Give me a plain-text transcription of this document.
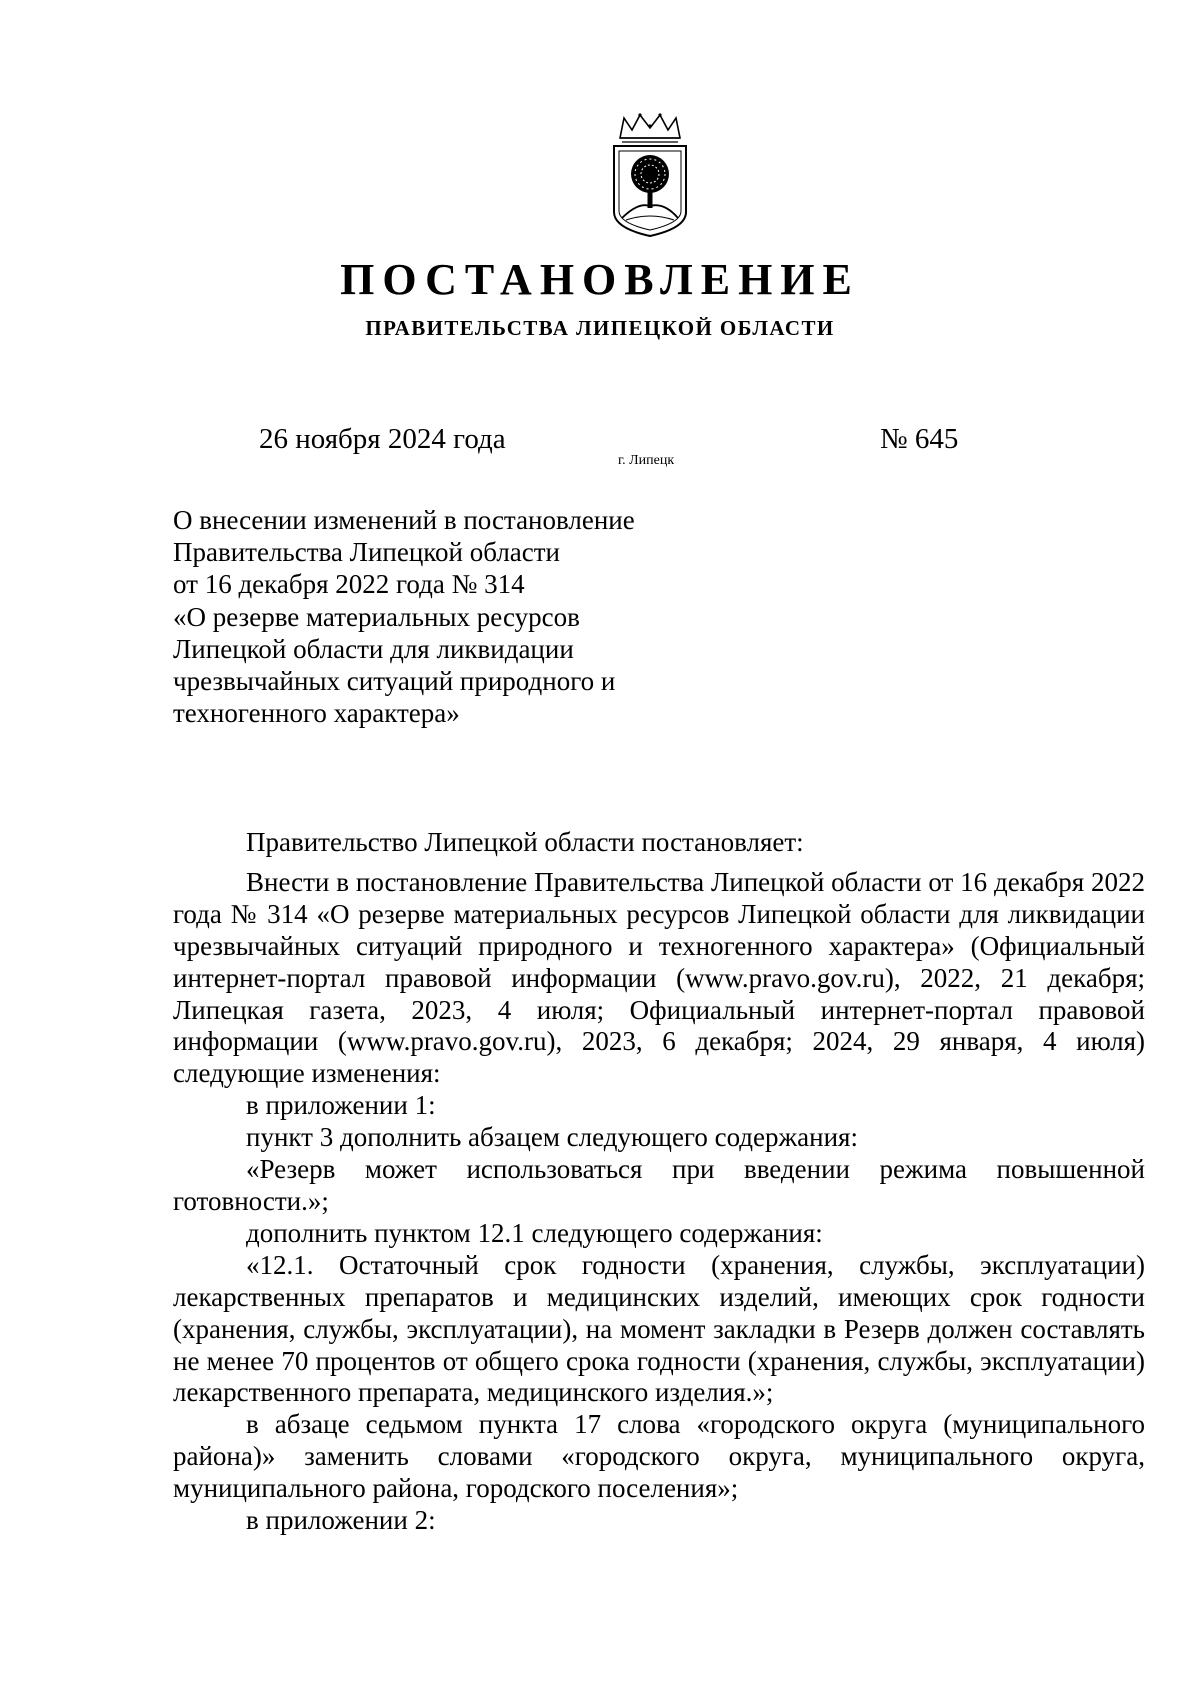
ПОСТАНОВЛЕНИЕ
ПРАВИТЕЛЬСТВА ЛИПЕЦКОЙ ОБЛАСТИ
26 ноября 2024 года
г. Липецк
№ 645
О внесении изменений в постановление
Правительства Липецкой области
от 16 декабря 2022 года № 314
«О резерве материальных ресурсов
Липецкой области для ликвидации
чрезвычайных ситуаций природного и
техногенного характера»

Правительство Липецкой области постановляет:

Внести в постановление Правительства Липецкой области от 16 декабря 2022 года № 314 «О резерве материальных ресурсов Липецкой области для ликвидации чрезвычайных ситуаций природного и техногенного характера» (Официальный интернет-портал правовой информации (www.pravo.gov.ru), 2022, 21 декабря; Липецкая газета, 2023, 4 июля; Официальный интернет-портал правовой информации (www.pravo.gov.ru), 2023, 6 декабря; 2024, 29 января, 4 июля) следующие изменения:

в приложении 1:

пункт 3 дополнить абзацем следующего содержания:

«Резерв может использоваться при введении режима повышенной готовности.»;

дополнить пунктом 12.1 следующего содержания:

«12.1. Остаточный срок годности (хранения, службы, эксплуатации) лекарственных препаратов и медицинских изделий, имеющих срок годности (хранения, службы, эксплуатации), на момент закладки в Резерв должен составлять не менее 70 процентов от общего срока годности (хранения, службы, эксплуатации) лекарственного препарата, медицинского изделия.»;

в абзаце седьмом пункта 17 слова «городского округа (муниципального района)» заменить словами «городского округа, муниципального округа, муниципального района, городского поселения»;

в приложении 2:
